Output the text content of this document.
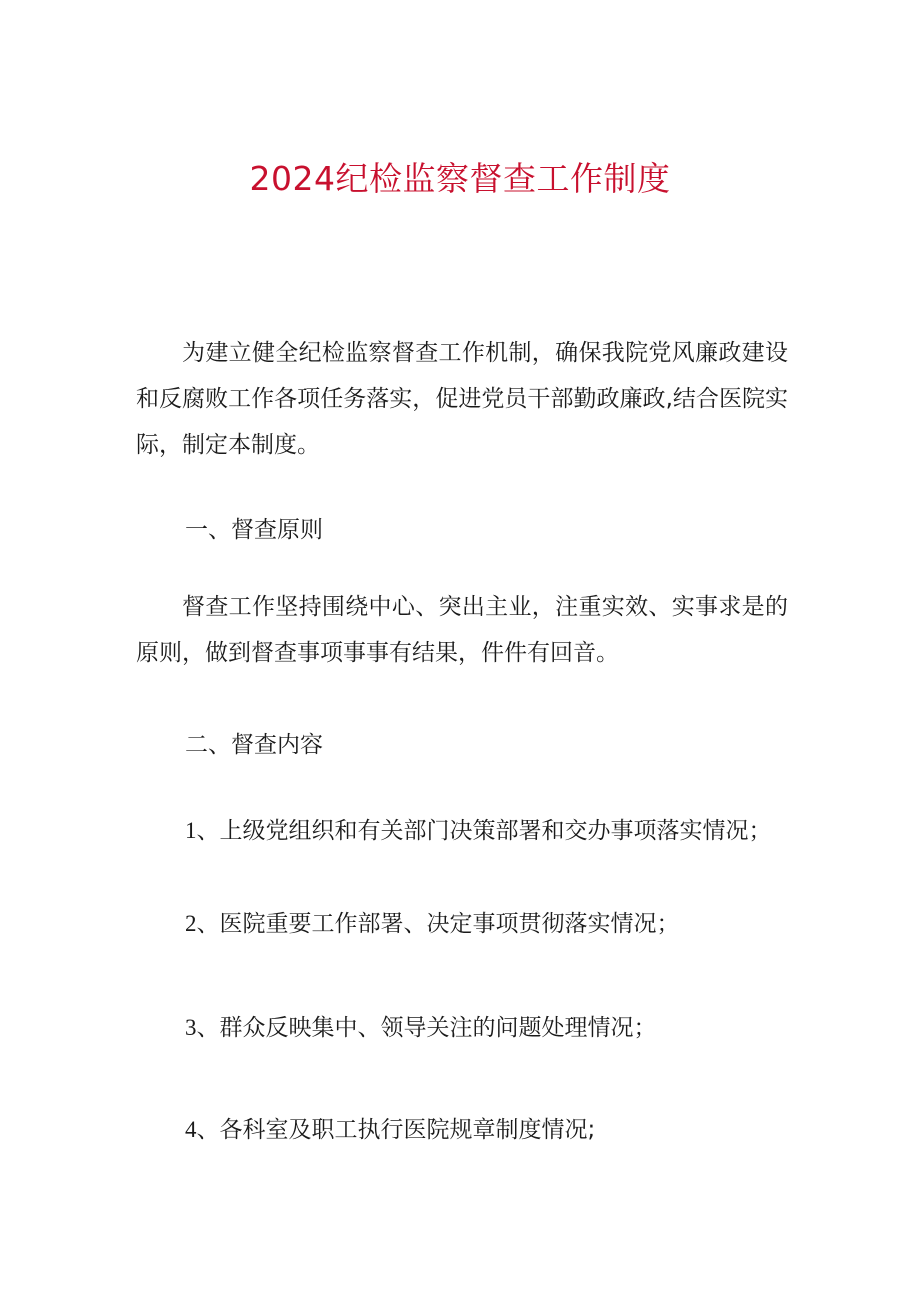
2024纪检监察督查工作制度

为建立健全纪检监察督查工作机制，确保我院党风廉政建设和反腐败工作各项任务落实，促进党员干部勤政廉政,结合医院实际，制定本制度。

一、督查原则

督查工作坚持围绕中心、突出主业，注重实效、实事求是的原则，做到督查事项事事有结果，件件有回音。

二、督查内容
1、上级党组织和有关部门决策部署和交办事项落实情况；
2、医院重要工作部署、决定事项贯彻落实情况；
3、群众反映集中、领导关注的问题处理情况；
4、各科室及职工执行医院规章制度情况;
